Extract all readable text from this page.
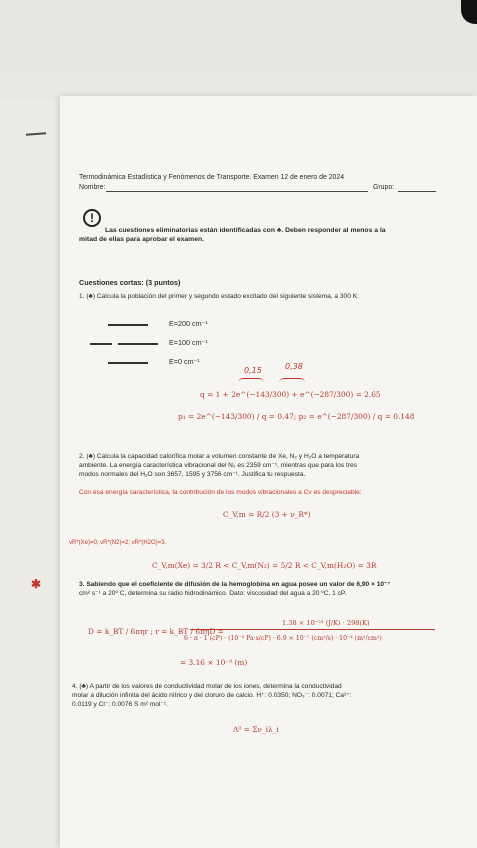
Termodinámica Estadística y Fenómenos de Transporte. Examen 12 de enero de 2024
Nombre:	Grupo:
!
Las cuestiones eliminatorias están identificadas con ♣. Deben responder al menos a la
mitad de ellas para aprobar el examen.
Cuestiones cortas: (3 puntos)
1. (♣) Calcula la población del primer y segundo estado excitado del siguiente sistema, a 300 K:
E=200 cm⁻¹
E=100 cm⁻¹
E=0 cm⁻¹
0,15	0,38
q = 1 + 2e^(−143/300) + e^(−287/300) = 2.65
p₁ = 2e^(−143/300) / q = 0.47; p₂ = e^(−287/300) / q = 0.148
2. (♣) Calcula la capacidad calorífica molar a volumen constante de Xe, N₂ y H₂O a temperatura
ambiente. La energía característica vibracional del N₂ es 2359 cm⁻¹, mientras que para los tres
modos normales del H₂O son 3657, 1595 y 3756 cm⁻¹. Justifica tu respuesta.
Con esa energía característica, la contribución de los modos vibracionales a Cv es despreciable:
C_V,m = R/2 (3 + ν_R*)
νR*(Xe)=0; νR*(N2)=2; νR*(H2O)=3.
C_V,m(Xe) = 3/2 R < C_V,m(N₂) = 5/2 R < C_V,m(H₂O) = 3R
3. Sabiendo que el coeficiente de difusión de la hemoglobina en agua posee un valor de 6,90 × 10⁻⁷
cm² s⁻¹ a 20º C, determina su radio hidrodinámico. Dato: viscosidad del agua a 20 ºC, 1 cP.
D = k_BT / 6πηr ; r = k_BT / 6πηD =
1.38 × 10⁻²³ (J/K) · 298(K)
6 · π · 1 (cP) · (10⁻³ Pa·s/cP) · 6.9 × 10⁻⁷ (cm²/s) · 10⁻⁴ (m²/cm²)
= 3.16 × 10⁻⁹ (m)
4. (♣) A partir de los valores de conductividad molar de los iones, determina la conductividad
molar a dilución infinita del ácido nítrico y del cloruro de calcio. H⁺: 0.0350; NO₃⁻: 0.0071; Ca²⁺:
0.0119 y Cl⁻: 0.0076 S m² mol⁻¹.
Λ⁰ = Σν_iλ_i
✱
